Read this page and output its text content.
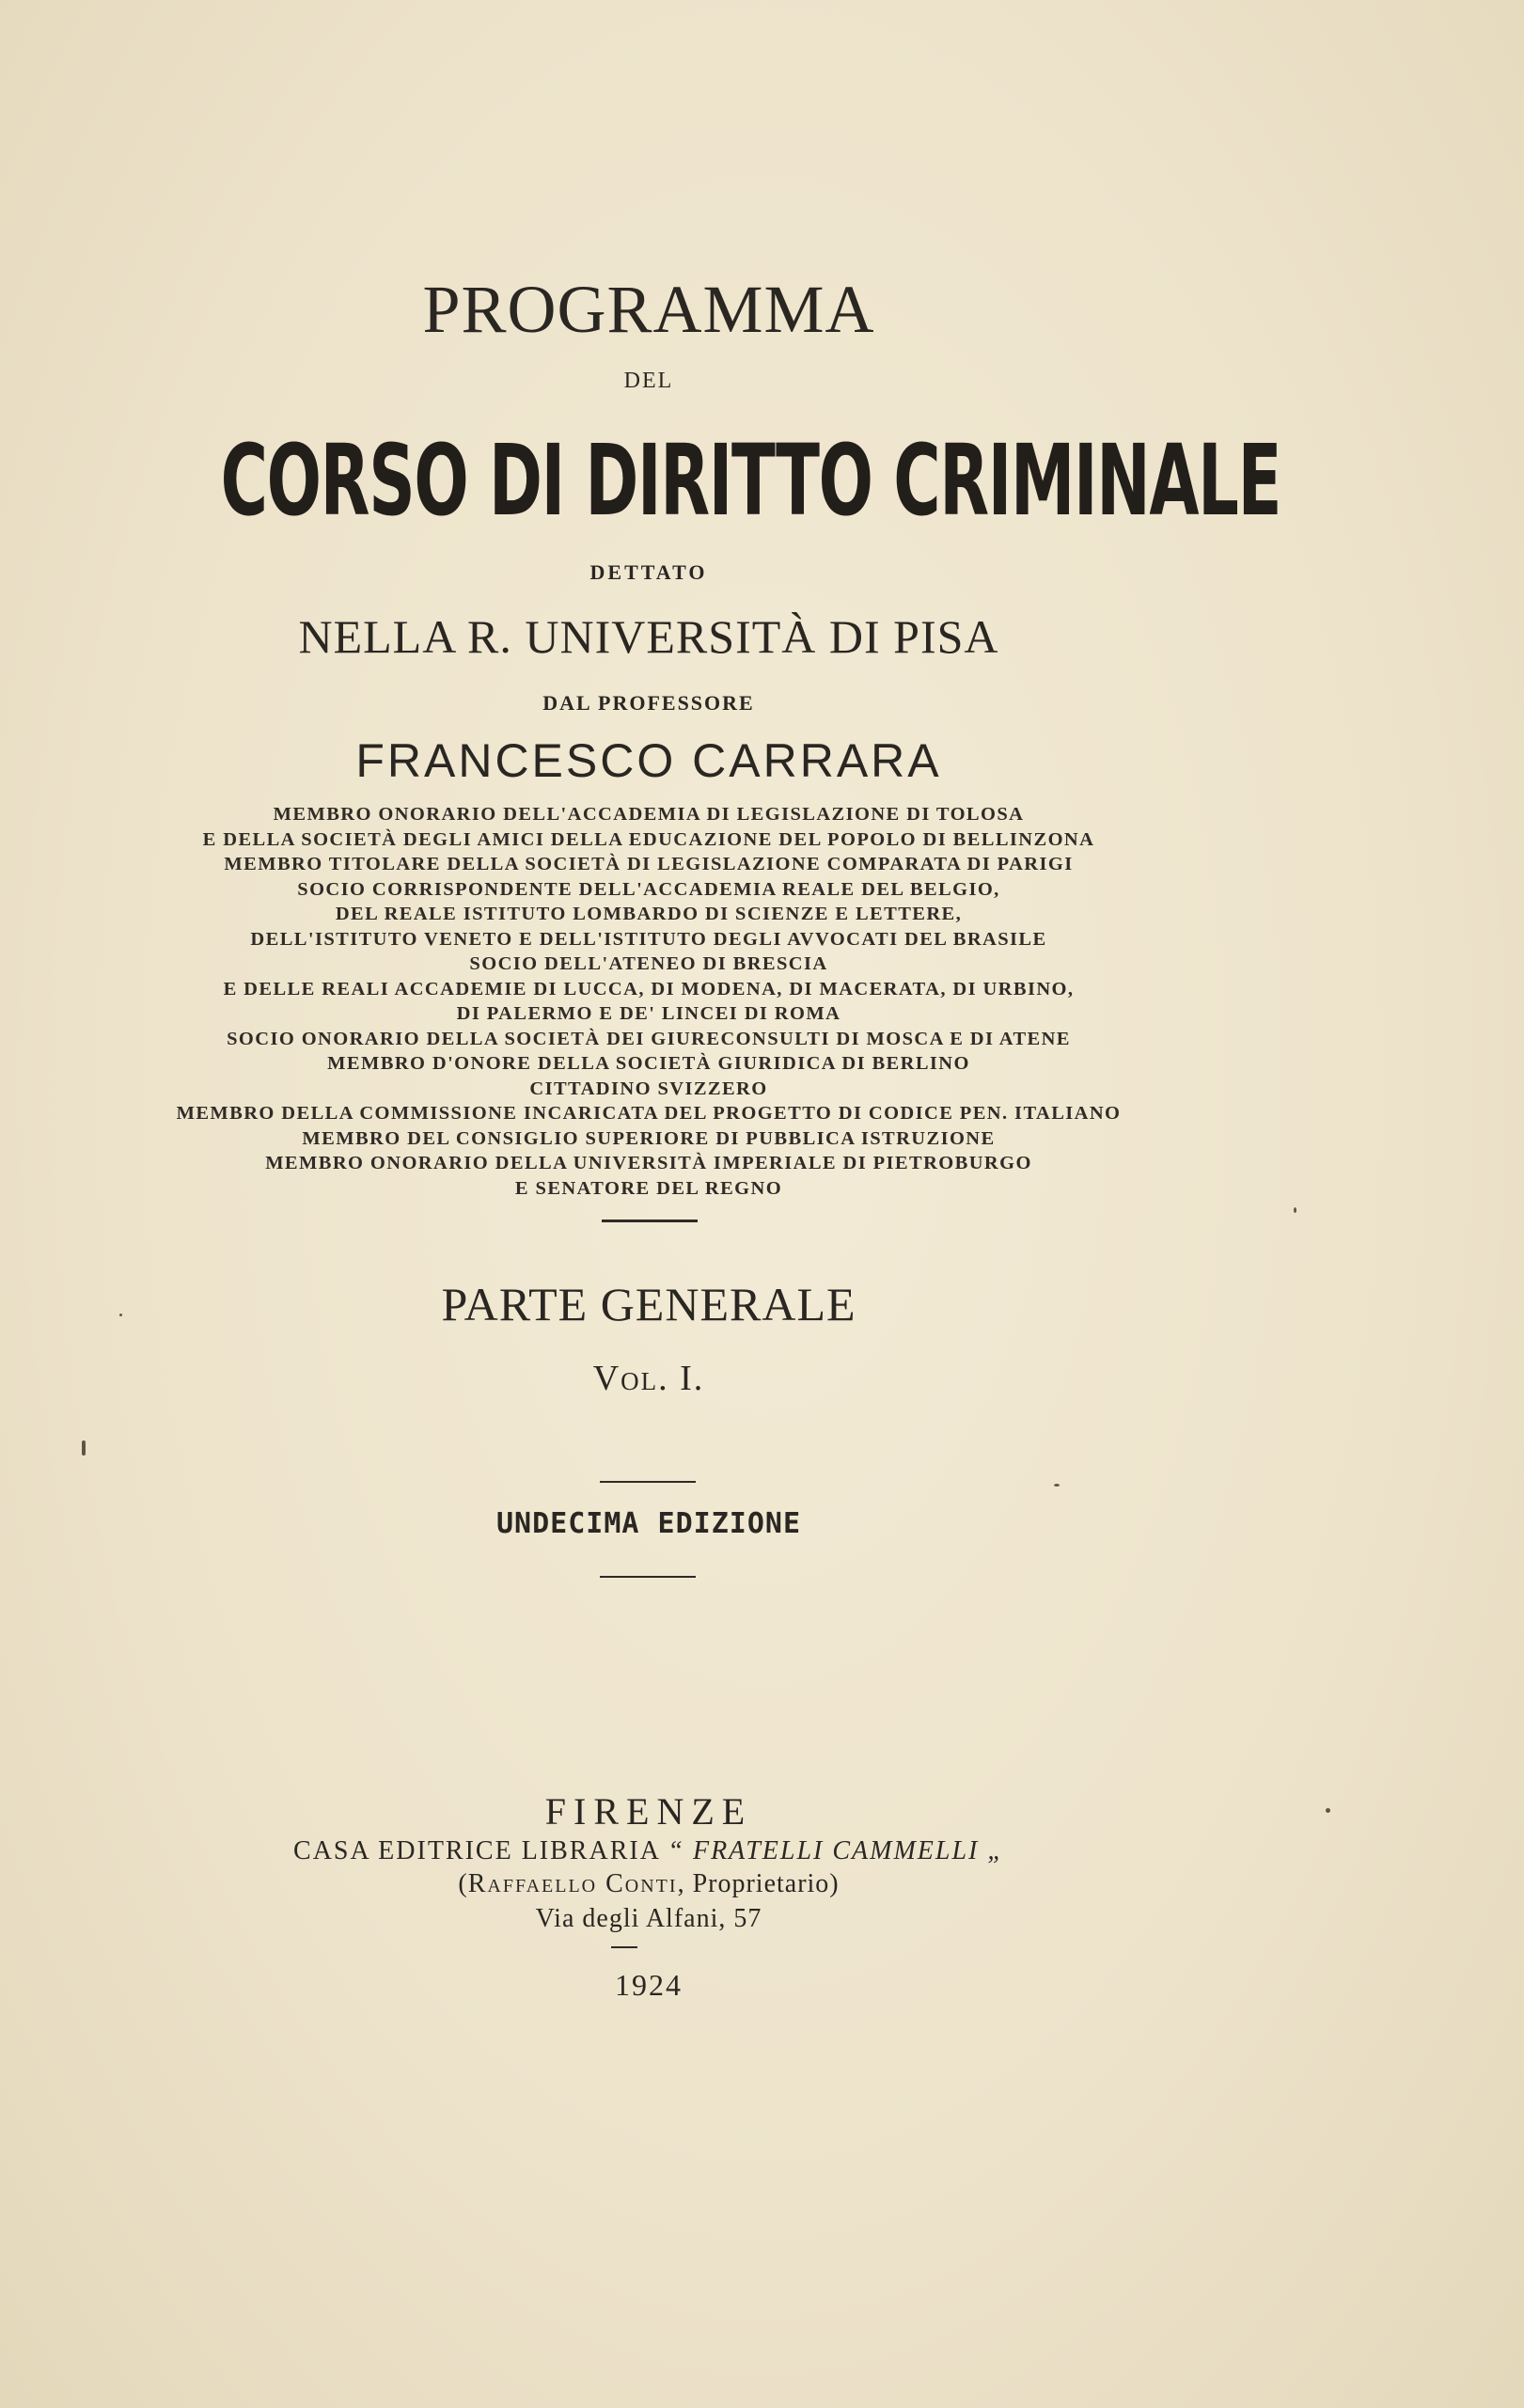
PROGRAMMA
DEL
CORSO DI DIRITTO CRIMINALE
DETTATO
NELLA R. UNIVERSITÀ DI PISA
DAL PROFESSORE
FRANCESCO CARRARA
MEMBRO ONORARIO DELL'ACCADEMIA DI LEGISLAZIONE DI TOLOSA
E DELLA SOCIETÀ DEGLI AMICI DELLA EDUCAZIONE DEL POPOLO DI BELLINZONA
MEMBRO TITOLARE DELLA SOCIETÀ DI LEGISLAZIONE COMPARATA DI PARIGI
SOCIO CORRISPONDENTE DELL'ACCADEMIA REALE DEL BELGIO,
DEL REALE ISTITUTO LOMBARDO DI SCIENZE E LETTERE,
DELL'ISTITUTO VENETO E DELL'ISTITUTO DEGLI AVVOCATI DEL BRASILE
SOCIO DELL'ATENEO DI BRESCIA
E DELLE REALI ACCADEMIE DI LUCCA, DI MODENA, DI MACERATA, DI URBINO,
DI PALERMO E DE' LINCEI DI ROMA
SOCIO ONORARIO DELLA SOCIETÀ DEI GIURECONSULTI DI MOSCA E DI ATENE
MEMBRO D'ONORE DELLA SOCIETÀ GIURIDICA DI BERLINO
CITTADINO SVIZZERO
MEMBRO DELLA COMMISSIONE INCARICATA DEL PROGETTO DI CODICE PEN. ITALIANO
MEMBRO DEL CONSIGLIO SUPERIORE DI PUBBLICA ISTRUZIONE
MEMBRO ONORARIO DELLA UNIVERSITÀ IMPERIALE DI PIETROBURGO
E SENATORE DEL REGNO
PARTE GENERALE
Vol. I.
UNDECIMA EDIZIONE
FIRENZE
CASA EDITRICE LIBRARIA “ FRATELLI CAMMELLI „
(Raffaello Conti, Proprietario)
Via degli Alfani, 57
1924
